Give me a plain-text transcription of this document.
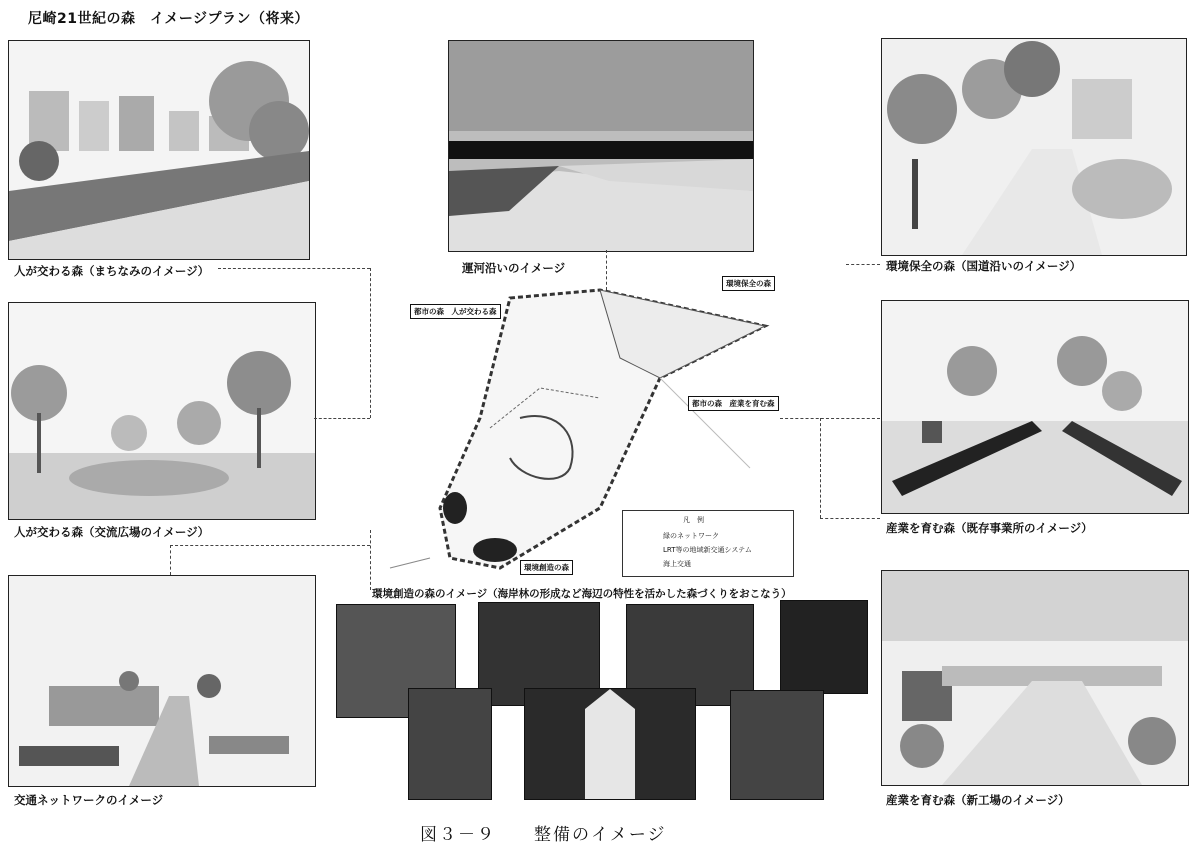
尼崎21世紀の森　イメージプラン（将来）
人が交わる森（まちなみのイメージ）	運河沿いのイメージ	環境保全の森（国道沿いのイメージ）
人が交わる森（交流広場のイメージ）	産業を育む森（既存事業所のイメージ）
交通ネットワークのイメージ	産業を育む森（新工場のイメージ）
都市の森　人が交わる森
環境保全の森
都市の森　産業を育む森
環境創造の森
凡　例
緑のネットワーク
LRT等の地域新交通システム
海上交通
環境創造の森のイメージ（海岸林の形成など海辺の特性を活かした森づくりをおこなう）
図３－９　　整備のイメージ
